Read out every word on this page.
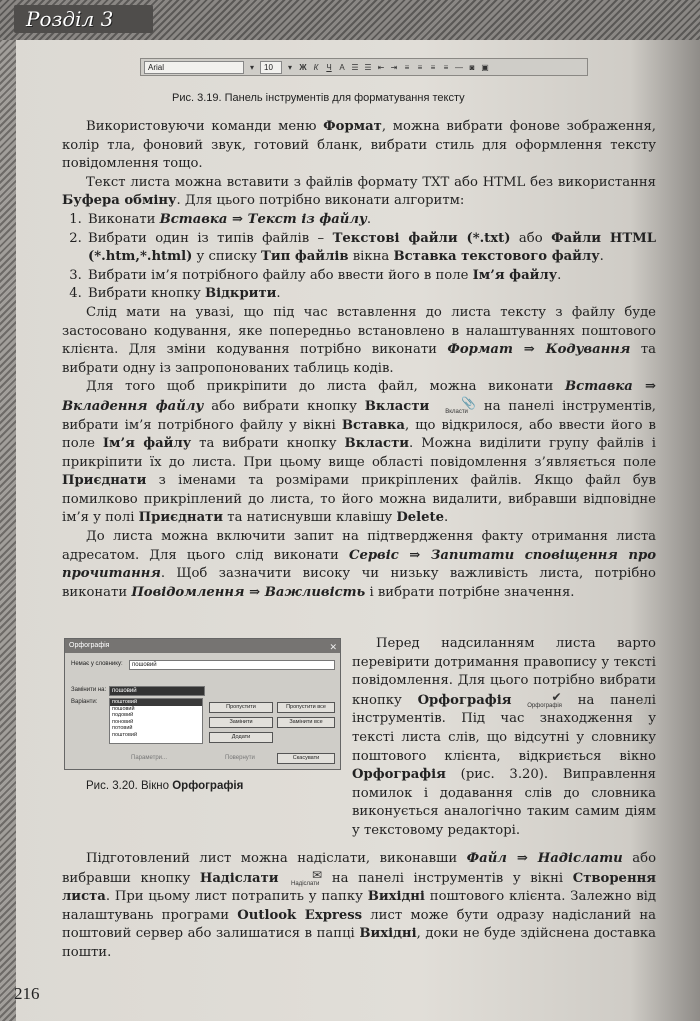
Розділ 3
Arial	▾	10	▾ Ж К Ч A ☰ ☰ ⇤ ⇥ ≡	≡	≡	≡ — ◙ ▣
Рис. 3.19. Панель інструментів для форматування тексту

Використовуючи команди меню Формат, можна вибрати фонове зображення, колір тла, фоновий звук, готовий бланк, вибрати стиль для оформлення тексту повідомлення тощо.

Текст листа можна вставити з файлів формату TXT або HTML без використання Буфера обміну. Для цього потрібно виконати алгоритм:

1. Виконати Вставка ⇒ Текст із файлу.
2. Вибрати один із типів файлів – Текстові файли (*.txt) або Файли HTML (*.htm,*.html) у списку Тип файлів вікна Вставка текстового файлу.
3. Вибрати ім’я потрібного файлу або ввести його в поле Ім’я файлу.
4. Вибрати кнопку Відкрити.

Слід мати на увазі, що під час вставлення до листа тексту з файлу буде застосовано кодування, яке попередньо встановлено в налаштуваннях поштового клієнта. Для зміни кодування потрібно виконати Формат ⇒ Кодування та вибрати одну із запропонованих таблиць кодів.

Для того щоб прикріпити до листа файл, можна виконати Вставка ⇒ Вкладення файлу або вибрати кнопку Вкласти	📎
Вкласти на панелі інструментів, вибрати ім’я потрібного файлу у вікні Вставка, що відкрилося, або ввести його в поле Ім’я файлу та вибрати кнопку Вкласти. Можна виділити групу файлів і прикріпити їх до листа. При цьому вище області повідомлення з’являється поле Приєднати з іменами та розмірами прикріплених файлів. Якщо файл був помилково прикріплений до листа, то його можна видалити, вибравши відповідне ім’я у полі Приєднати та натиснувши клавішу Delete.

До листа можна включити запит на підтвердження факту отримання листа адресатом. Для цього слід виконати Сервіс ⇒ Запитати сповіщення про прочитання. Щоб зазначити високу чи низьку важливість листа, потрібно виконати Повідомлення ⇒ Важливість і вибрати потрібне значення.

Орфографія	✕
Немає у словнику:	пошовий
Замінити на: пошовий
Варіанти:	поштовий
пошовий
подовий
поновий
потовий
поштовий
Пропустити	Пропустити все
Замінити	Замінити все
Додати
Параметри...	Повернути	Скасувати
Рис. 3.20. Вікно Орфографія

Перед надсиланням листа варто перевірити дотримання правопису у тексті повідомлення. Для цього потрібно вибрати кнопку Орфографія	✔
Орфографія на панелі інструментів. Під час знаходження у тексті листа слів, що відсутні у словнику поштового клієнта, відкриється вікно Орфографія (рис. 3.20). Виправлення помилок і додавання слів до словника виконується аналогічно таким самим діям у текстовому редакторі.

Підготовлений лист можна надіслати, виконавши Файл ⇒ Надіслати або вибравши кнопку Надіслати	✉
Надіслати на панелі інструментів у вікні Створення листа. При цьому лист потрапить у папку Вихідні поштового клієнта. Залежно від налаштувань програми Outlook Express лист може бути одразу надісланий на поштовий сервер або залишатися в папці Вихідні, доки не буде здійснена доставка пошти.

216
